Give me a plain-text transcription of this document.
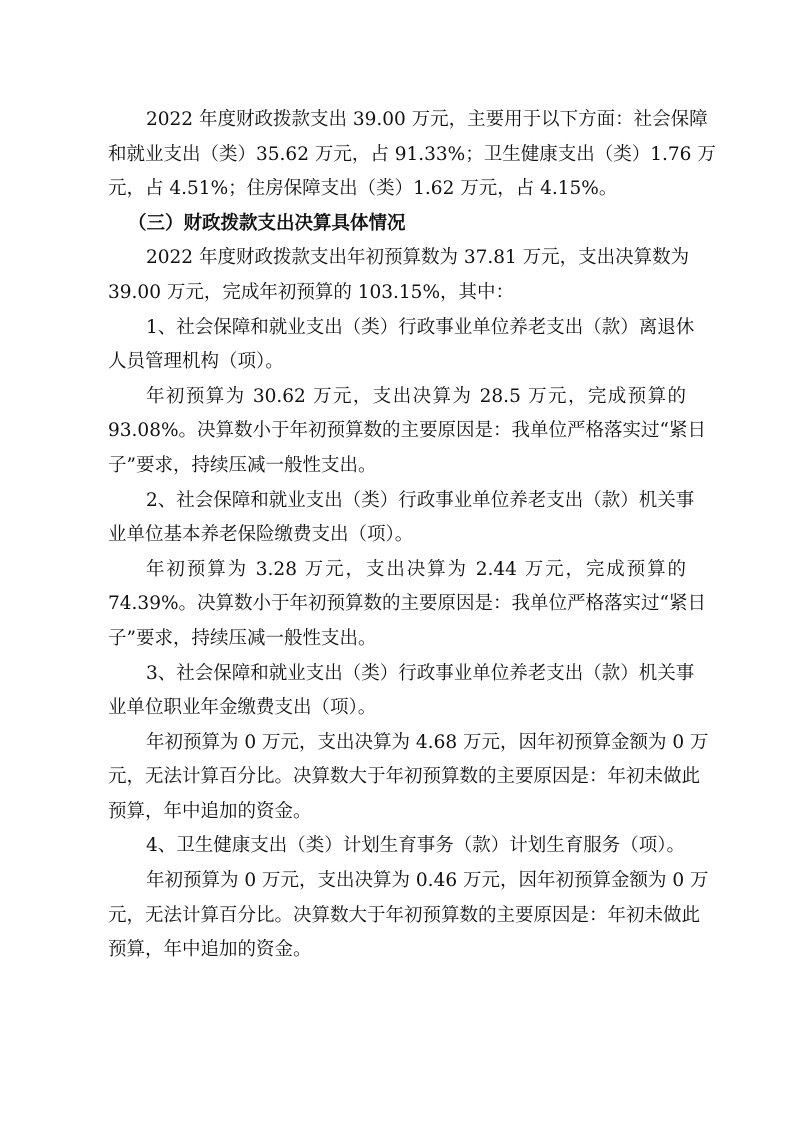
2022 年度财政拨款支出 39.00 万元，主要用于以下方面：社会保障
和就业支出（类）35.62 万元，占 91.33%；卫生健康支出（类）1.76 万
元，占 4.51%；住房保障支出（类）1.62 万元，占 4.15%。
（三）财政拨款支出决算具体情况
2022 年度财政拨款支出年初预算数为 37.81 万元，支出决算数为
39.00 万元，完成年初预算的 103.15%，其中：
1、社会保障和就业支出（类）行政事业单位养老支出（款）离退休
人员管理机构（项）。
年初预算为 30.62 万元，支出决算为 28.5 万元，完成预算的
93.08%。决算数小于年初预算数的主要原因是：我单位严格落实过“紧日
子”要求，持续压减一般性支出。
2、社会保障和就业支出（类）行政事业单位养老支出（款）机关事
业单位基本养老保险缴费支出（项）。
年初预算为 3.28 万元，支出决算为 2.44 万元，完成预算的
74.39%。决算数小于年初预算数的主要原因是：我单位严格落实过“紧日
子”要求，持续压减一般性支出。
3、社会保障和就业支出（类）行政事业单位养老支出（款）机关事
业单位职业年金缴费支出（项）。
年初预算为 0 万元，支出决算为 4.68 万元，因年初预算金额为 0 万
元，无法计算百分比。决算数大于年初预算数的主要原因是：年初未做此
预算，年中追加的资金。
4、卫生健康支出（类）计划生育事务（款）计划生育服务（项）。
年初预算为 0 万元，支出决算为 0.46 万元，因年初预算金额为 0 万
元，无法计算百分比。决算数大于年初预算数的主要原因是：年初未做此
预算，年中追加的资金。
